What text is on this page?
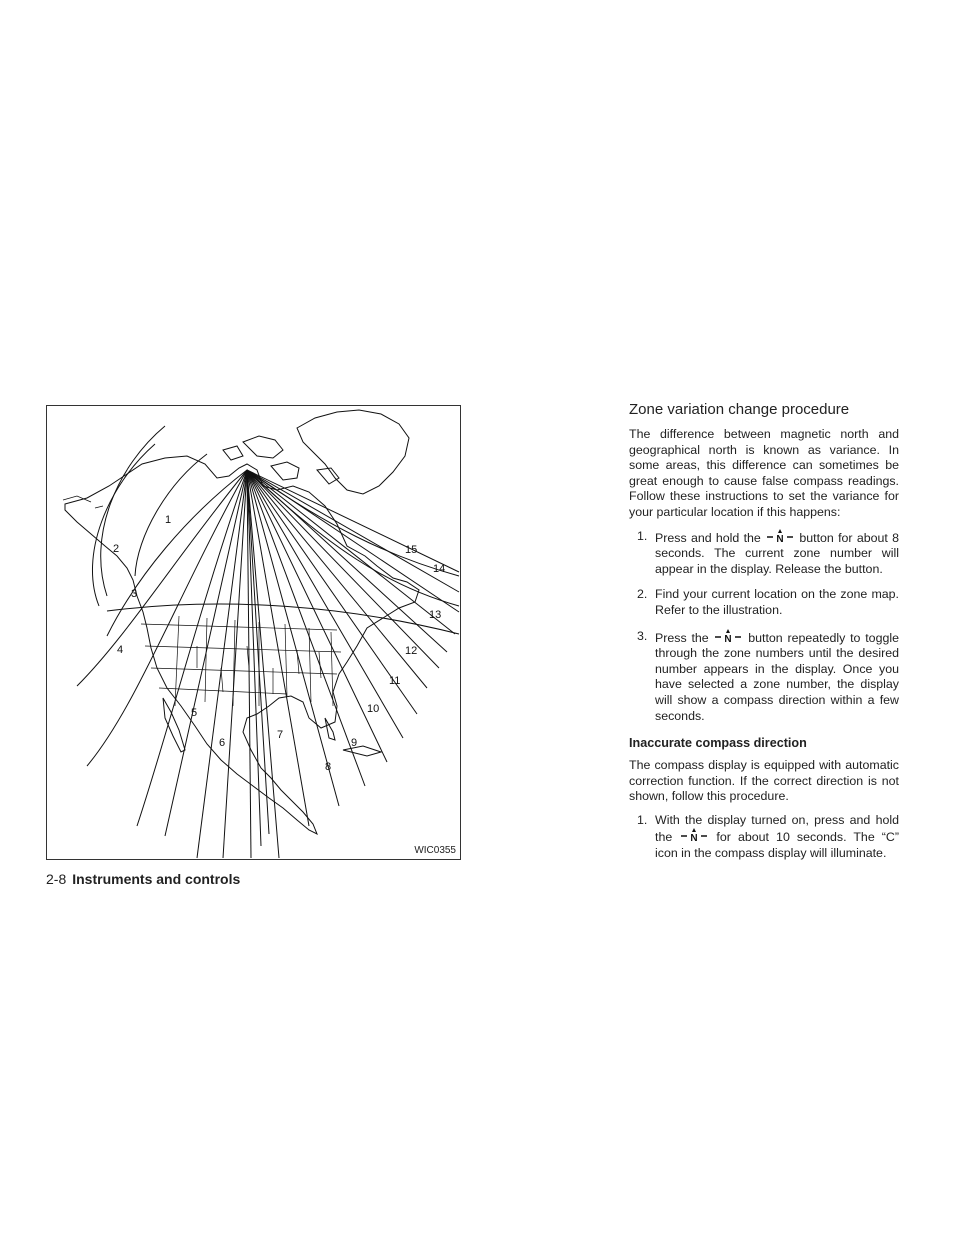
1
2
3
4
5
6
7
8
9
10
11
12
13
14
15
WIC0355
2-8 Instruments and controls
Zone variation change procedure
The difference between magnetic north and geographical north is known as variance. In some areas, this difference can sometimes be great enough to cause false compass readings. Follow these instructions to set the variance for your particular location if this happens:
1. Press and hold the N button for about 8 seconds. The current zone number will appear in the display. Release the button.
2. Find your current location on the zone map. Refer to the illustration.
3. Press the N button repeatedly to toggle through the zone numbers until the desired number appears in the display. Once you have selected a zone number, the display will show a compass direction within a few seconds.
Inaccurate compass direction
The compass display is equipped with automatic correction function. If the correct direction is not shown, follow this procedure.
1. With the display turned on, press and hold the N for about 10 seconds. The “C” icon in the compass display will illuminate.
